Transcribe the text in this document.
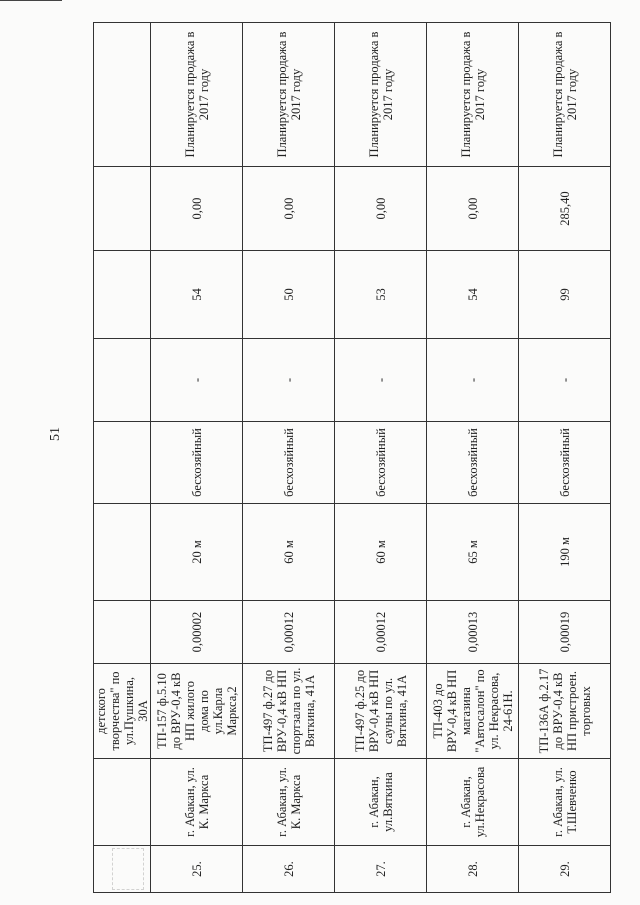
51
		детского творчества" по ул.Пушкина, 30А							
25.	г. Абакан, ул. К. Маркса	ТП-157 ф.5.10 до ВРУ-0,4 кВ НП жилого дома по ул.Карла Маркса,2	0,00002	20 м	бесхозяйный	-	54	0,00	Планируется продажа в 2017 году
26.	г. Абакан, ул. К. Маркса	ТП-497 ф.27 до ВРУ-0,4 кВ НП спортзала по ул. Вяткина, 41А	0,00012	60 м	бесхозяйный	-	50	0,00	Планируется продажа в 2017 году
27.	г. Абакан, ул.Вяткина	ТП-497 ф.25 до ВРУ-0,4 кВ НП сауны по ул. Вяткина, 41А	0,00012	60 м	бесхозяйный	-	53	0,00	Планируется продажа в 2017 году
28.	г. Абакан, ул.Некрасова	ТП-403 до ВРУ-0,4 кВ НП магазина "Автосалон" по ул. Некрасова, 24-61Н.	0,00013	65 м	бесхозяйный	-	54	0,00	Планируется продажа в 2017 году
29.	г. Абакан, ул. Т.Шевченко	ТП-136А ф.2.17 до ВРУ-0,4 кВ НП пристроен. торговых	0,00019	190 м	бесхозяйный	-	99	285,40	Планируется продажа в 2017 году
